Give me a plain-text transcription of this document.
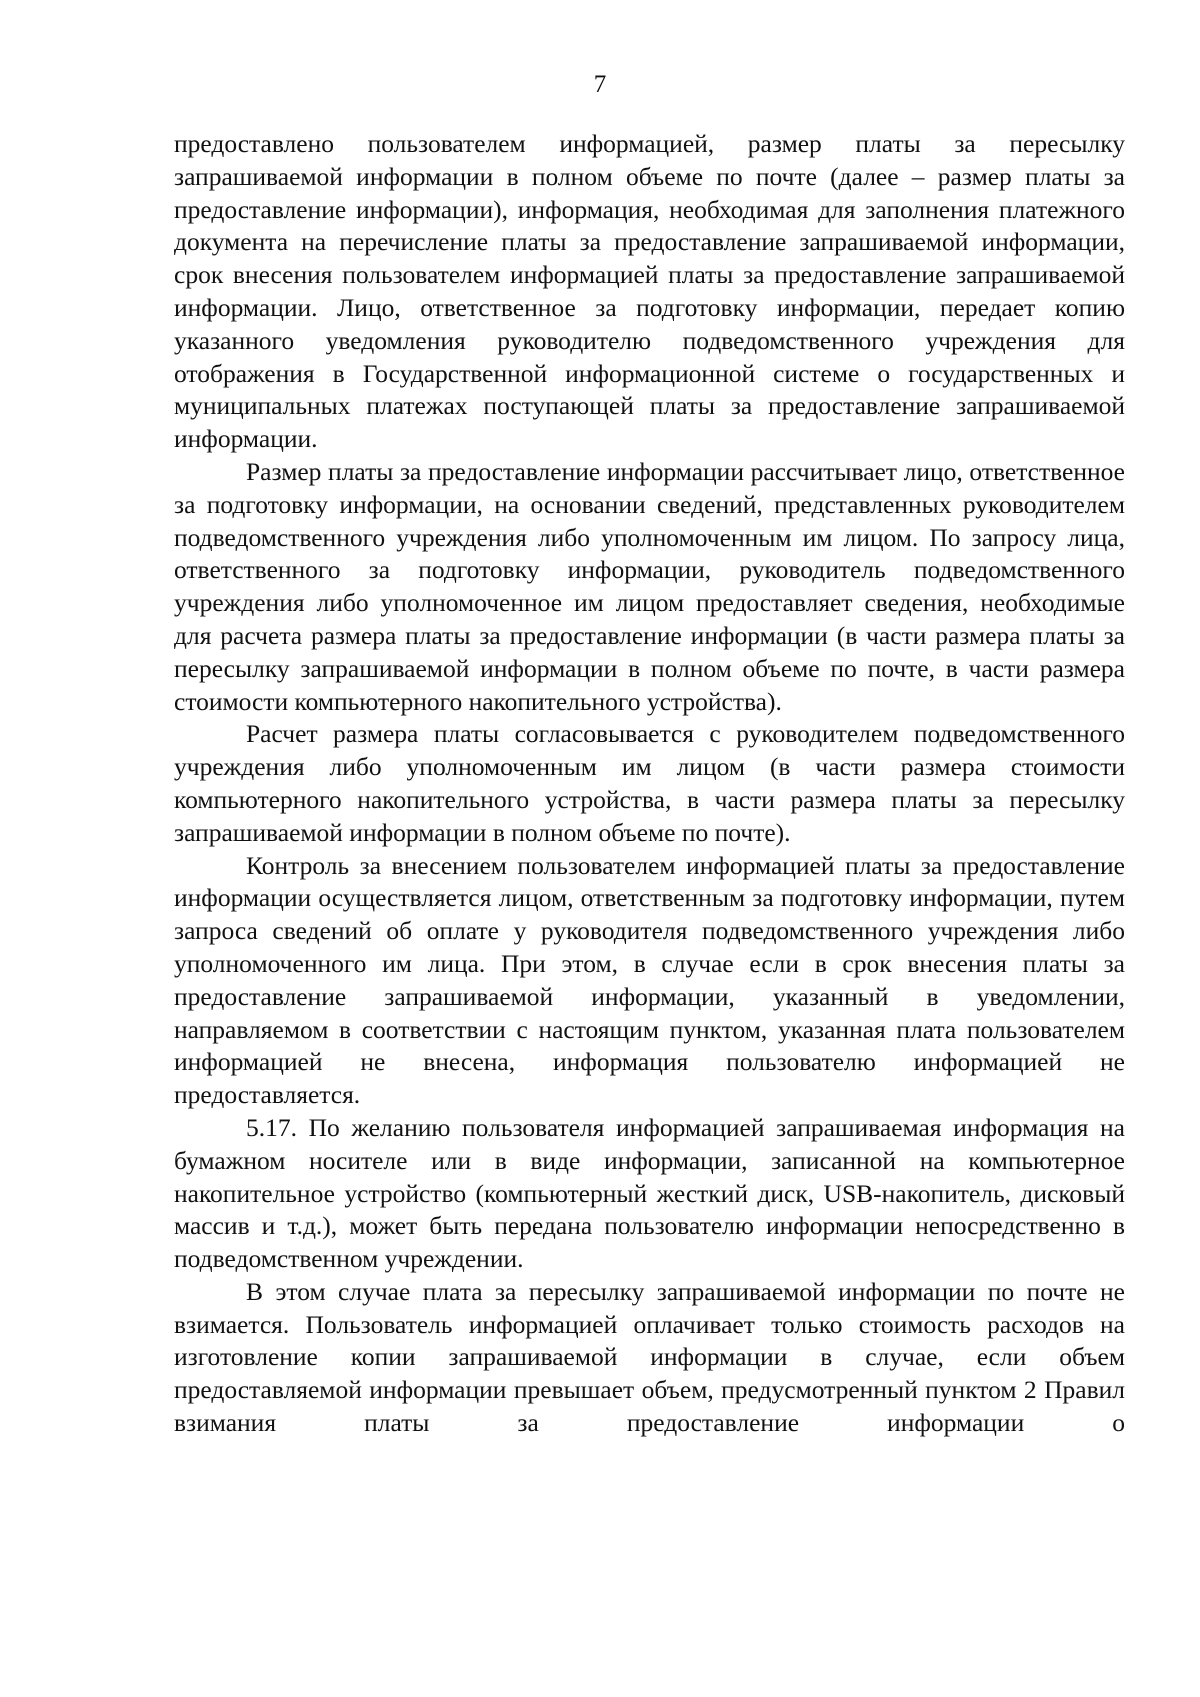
7

предоставлено пользователем информацией, размер платы за пересылку запрашиваемой информации в полном объеме по почте (далее – размер платы за предоставление информации), информация, необходимая для заполнения платежного документа на перечисление платы за предоставление запрашиваемой информации, срок внесения пользователем информацией платы за предоставление запрашиваемой информации. Лицо, ответственное за подготовку информации, передает копию указанного уведомления руководителю подведомственного учреждения для отображения в Государственной информационной системе о государственных и муниципальных платежах поступающей платы за предоставление запрашиваемой информации.

Размер платы за предоставление информации рассчитывает лицо, ответственное за подготовку информации, на основании сведений, представленных руководителем подведомственного учреждения либо уполномоченным им лицом. По запросу лица, ответственного за подготовку информации, руководитель подведомственного учреждения либо уполномоченное им лицом предоставляет сведения, необходимые для расчета размера платы за предоставление информации (в части размера платы за пересылку запрашиваемой информации в полном объеме по почте, в части размера стоимости компьютерного накопительного устройства).

Расчет размера платы согласовывается с руководителем подведомственного учреждения либо уполномоченным им лицом (в части размера стоимости компьютерного накопительного устройства, в части размера платы за пересылку запрашиваемой информации в полном объеме по почте).

Контроль за внесением пользователем информацией платы за предоставление информации осуществляется лицом, ответственным за подготовку информации, путем запроса сведений об оплате у руководителя подведомственного учреждения либо уполномоченного им лица. При этом, в случае если в срок внесения платы за предоставление запрашиваемой информации, указанный в уведомлении, направляемом в соответствии с настоящим пунктом, указанная плата пользователем информацией не внесена, информация пользователю информацией не предоставляется.

5.17. По желанию пользователя информацией запрашиваемая информация на бумажном носителе или в виде информации, записанной на компьютерное накопительное устройство (компьютерный жесткий диск, USB-накопитель, дисковый массив и т.д.), может быть передана пользователю информации непосредственно в подведомственном учреждении.

В этом случае плата за пересылку запрашиваемой информации по почте не взимается. Пользователь информацией оплачивает только стоимость расходов на изготовление копии запрашиваемой информации в случае, если объем предоставляемой информации превышает объем, предусмотренный пунктом 2 Правил взимания платы за предоставление информации о
